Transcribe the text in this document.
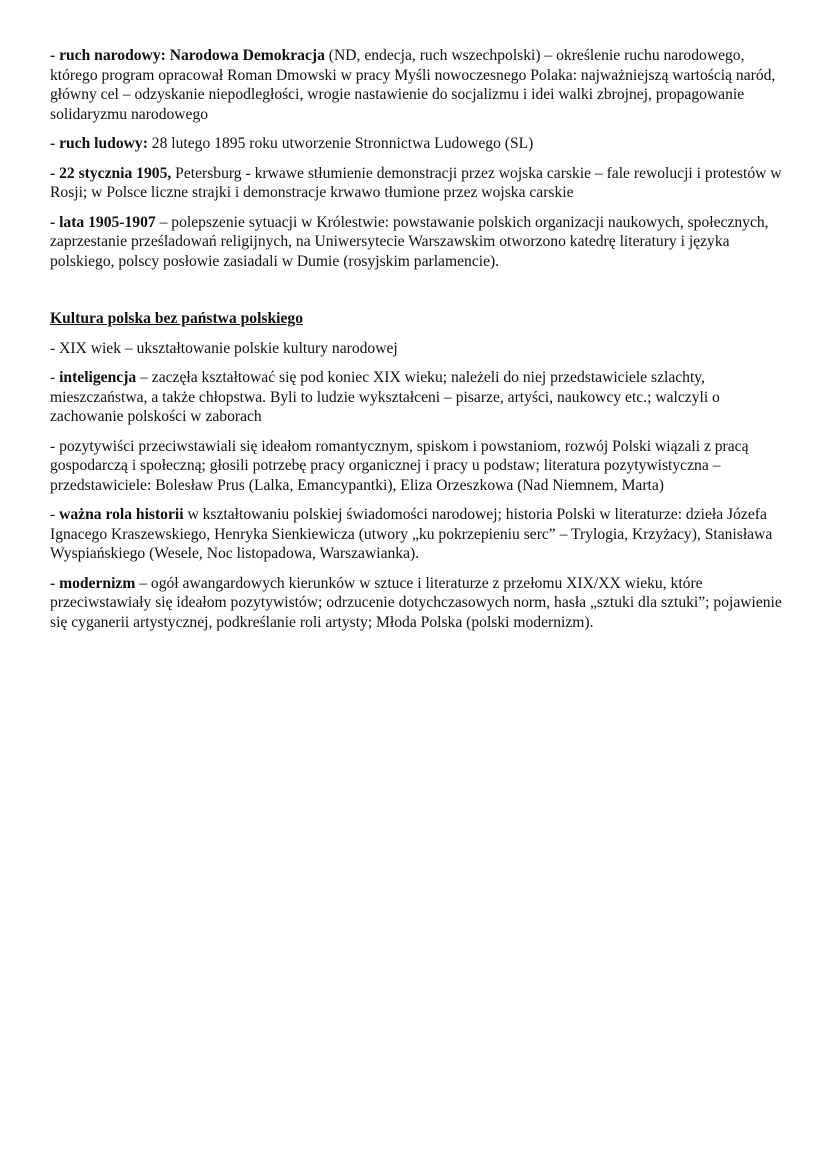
- ruch narodowy: Narodowa Demokracja (ND, endecja, ruch wszechpolski) – określenie ruchu narodowego, którego program opracował Roman Dmowski w pracy Myśli nowoczesnego Polaka: najważniejszą wartością naród, główny cel – odzyskanie niepodległości, wrogie nastawienie do socjalizmu i idei walki zbrojnej, propagowanie solidaryzmu narodowego

- ruch ludowy: 28 lutego 1895 roku utworzenie Stronnictwa Ludowego (SL)

- 22 stycznia 1905, Petersburg - krwawe stłumienie demonstracji przez wojska carskie – fale rewolucji i protestów w Rosji; w Polsce liczne strajki i demonstracje krwawo tłumione przez wojska carskie

- lata 1905-1907 – polepszenie sytuacji w Królestwie: powstawanie polskich organizacji naukowych, społecznych, zaprzestanie prześladowań religijnych, na Uniwersytecie Warszawskim otworzono katedrę literatury i języka polskiego, polscy posłowie zasiadali w Dumie (rosyjskim parlamencie).

Kultura polska bez państwa polskiego

- XIX wiek – ukształtowanie polskie kultury narodowej

- inteligencja – zaczęła kształtować się pod koniec XIX wieku; należeli do niej przedstawiciele szlachty, mieszczaństwa, a także chłopstwa. Byli to ludzie wykształceni – pisarze, artyści, naukowcy etc.; walczyli o zachowanie polskości w zaborach

- pozytywiści przeciwstawiali się ideałom romantycznym, spiskom i powstaniom, rozwój Polski wiązali z pracą gospodarczą i społeczną; głosili potrzebę pracy organicznej i pracy u podstaw; literatura pozytywistyczna – przedstawiciele: Bolesław Prus (Lalka, Emancypantki), Eliza Orzeszkowa (Nad Niemnem, Marta)

- ważna rola historii w kształtowaniu polskiej świadomości narodowej; historia Polski w literaturze: dzieła Józefa Ignacego Kraszewskiego, Henryka Sienkiewicza (utwory „ku pokrzepieniu serc” – Trylogia, Krzyżacy), Stanisława Wyspiańskiego (Wesele, Noc listopadowa, Warszawianka).

- modernizm – ogół awangardowych kierunków w sztuce i literaturze z przełomu XIX/XX wieku, które przeciwstawiały się ideałom pozytywistów; odrzucenie dotychczasowych norm, hasła „sztuki dla sztuki”; pojawienie się cyganerii artystycznej, podkreślanie roli artysty; Młoda Polska (polski modernizm).
